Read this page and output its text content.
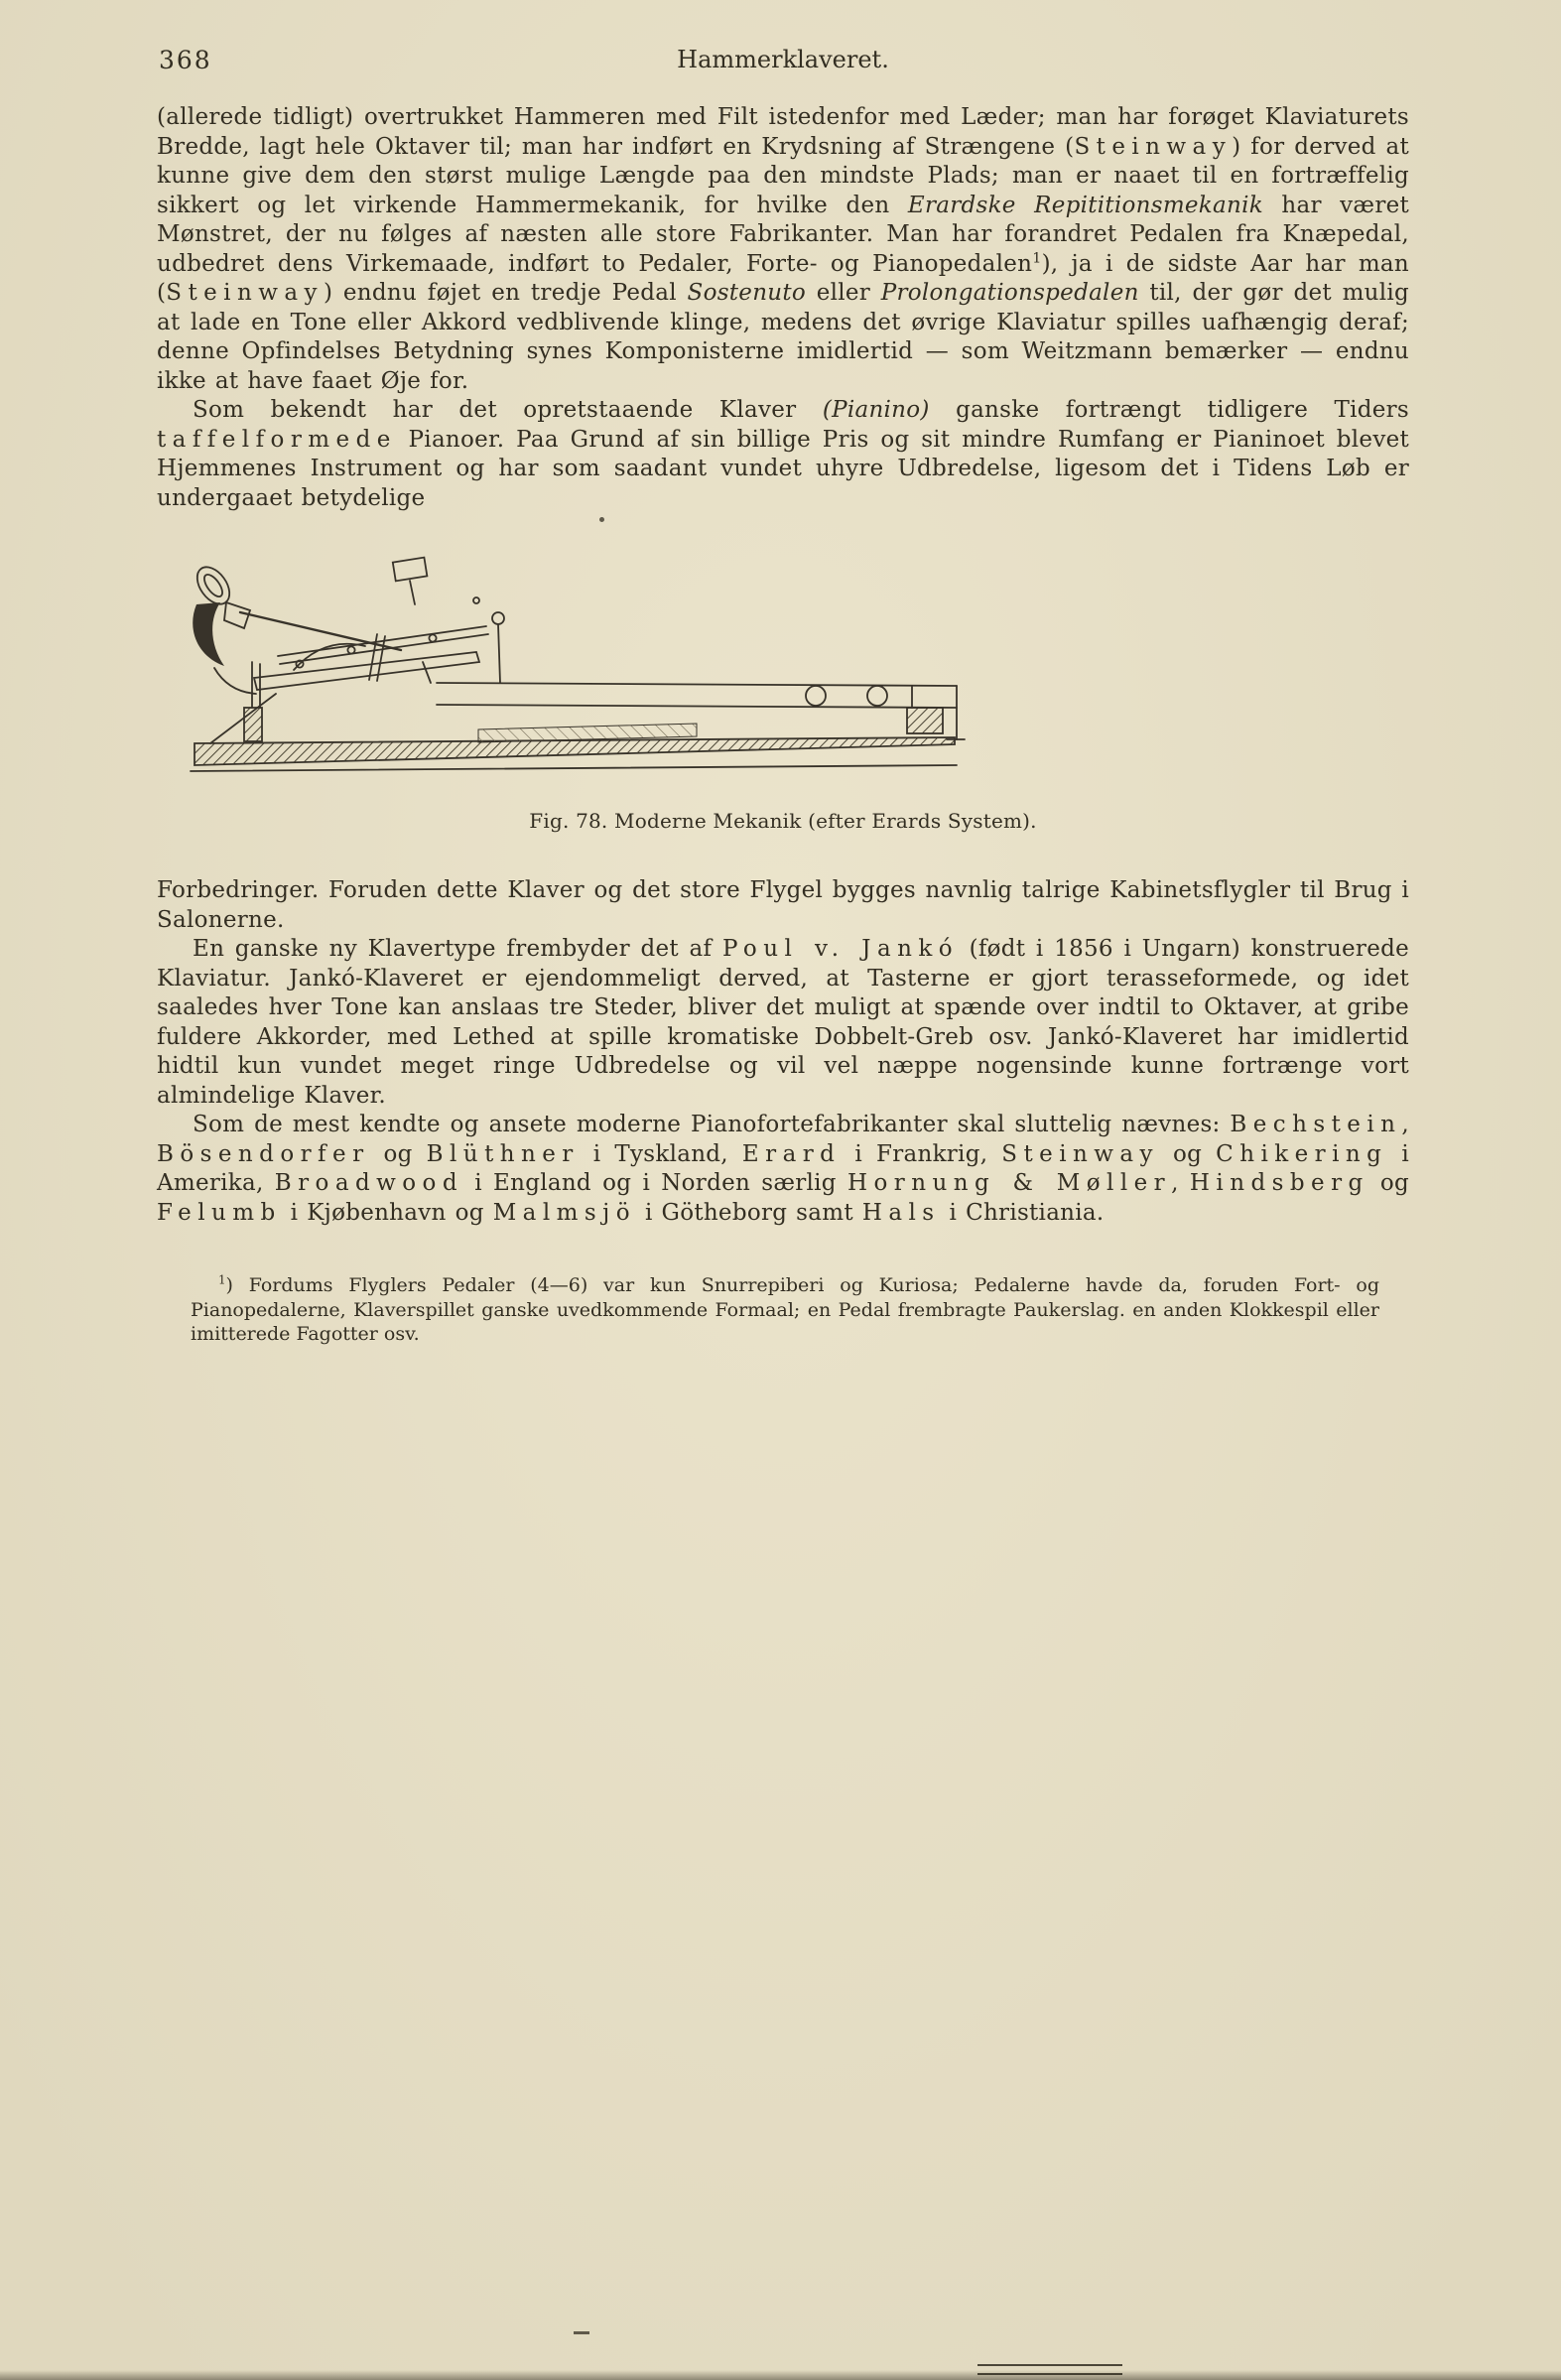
368	Hammerklaveret.

(allerede tidligt) overtrukket Hammeren med Filt istedenfor med Læder; man har forøget Klaviaturets Bredde, lagt hele Oktaver til; man har indført en Krydsning af Strængene (Steinway) for derved at kunne give dem den størst mulige Længde paa den mindste Plads; man er naaet til en fortræffelig sikkert og let virkende Hammermekanik, for hvilke den Erardske Repititionsmekanik har været Mønstret, der nu følges af næsten alle store Fabrikanter. Man har forandret Pedalen fra Knæpedal, udbedret dens Virkemaade, indført to Pedaler, Forte- og Pianopedalen$^1$), ja i de sidste Aar har man (Steinway) endnu føjet en tredje Pedal Sostenuto eller Prolongationspedalen til, der gør det mulig at lade en Tone eller Akkord vedblivende klinge, medens det øvrige Klaviatur spilles uafhængig deraf; denne Opfindelses Betydning synes Komponisterne imidlertid — som Weitzmann bemærker — endnu ikke at have faaet Øje for.

Som bekendt har det opretstaaende Klaver (Pianino) ganske fortrængt tidligere Tiders taffelformede Pianoer. Paa Grund af sin billige Pris og sit mindre Rumfang er Pianinoet blevet Hjemmenes Instrument og har som saadant vundet uhyre Udbredelse, ligesom det i Tidens Løb er undergaaet betydelige

Fig. 78. Moderne Mekanik (efter Erards System).

Forbedringer. Foruden dette Klaver og det store Flygel bygges navnlig talrige Kabinetsflygler til Brug i Salonerne.

En ganske ny Klavertype frembyder det af Poul v. Jankó (født i 1856 i Ungarn) konstruerede Klaviatur. Jankó-Klaveret er ejendommeligt derved, at Tasterne er gjort terasseformede, og idet saaledes hver Tone kan anslaas tre Steder, bliver det muligt at spænde over indtil to Oktaver, at gribe fuldere Akkorder, med Lethed at spille kromatiske Dobbelt-Greb osv. Jankó-Klaveret har imidlertid hidtil kun vundet meget ringe Udbredelse og vil vel næppe nogensinde kunne fortrænge vort almindelige Klaver.

Som de mest kendte og ansete moderne Pianofortefabrikanter skal sluttelig nævnes: Bechstein, Bösendorfer og Blüthner i Tyskland, Erard i Frankrig, Steinway og Chikering i Amerika, Broadwood i England og i Norden særlig Hornung & Møller, Hindsberg og Felumb i Kjøbenhavn og Malmsjö i Götheborg samt Hals i Christiania.

$^1$) Fordums Flyglers Pedaler (4—6) var kun Snurrepiberi og Kuriosa; Pedalerne havde da, foruden Fort- og Pianopedalerne, Klaverspillet ganske uvedkommende Formaal; en Pedal frembragte Paukerslag. en anden Klokkespil eller imitterede Fagotter osv.
